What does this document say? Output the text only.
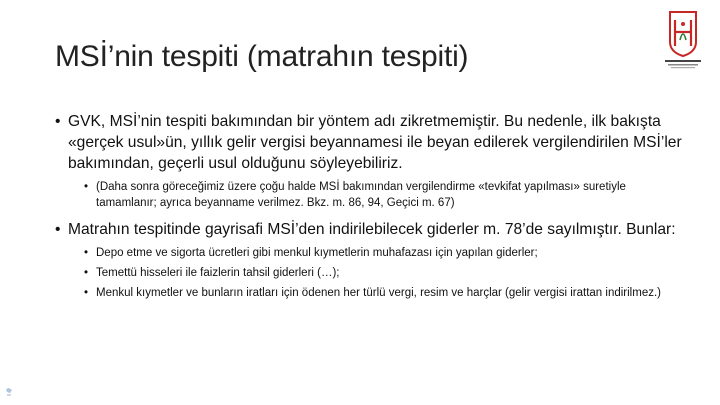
MSİ’nin tespiti (matrahın tespiti)
• GVK, MSİ’nin tespiti bakımından bir yöntem adı zikretmemiştir. Bu nedenle, ilk bakışta «gerçek usul»ün, yıllık gelir vergisi beyannamesi ile beyan edilerek vergilendirilen MSİ’ler bakımından, geçerli usul olduğunu söyleyebiliriz.
• (Daha sonra göreceğimiz üzere çoğu halde MSİ bakımından vergilendirme «tevkifat yapılması» suretiyle tamamlanır; ayrıca beyanname verilmez. Bkz. m. 86, 94, Geçici m. 67)
• Matrahın tespitinde gayrisafi MSİ’den indirilebilecek giderler m. 78’de sayılmıştır. Bunlar:
• Depo etme ve sigorta ücretleri gibi menkul kıymetlerin muhafazası için yapılan giderler;
• Temettü hisseleri ile faizlerin tahsil giderleri (…);
• Menkul kıymetler ve bunların iratları için ödenen her türlü vergi, resim ve harçlar (gelir vergisi irattan indirilmez.)
